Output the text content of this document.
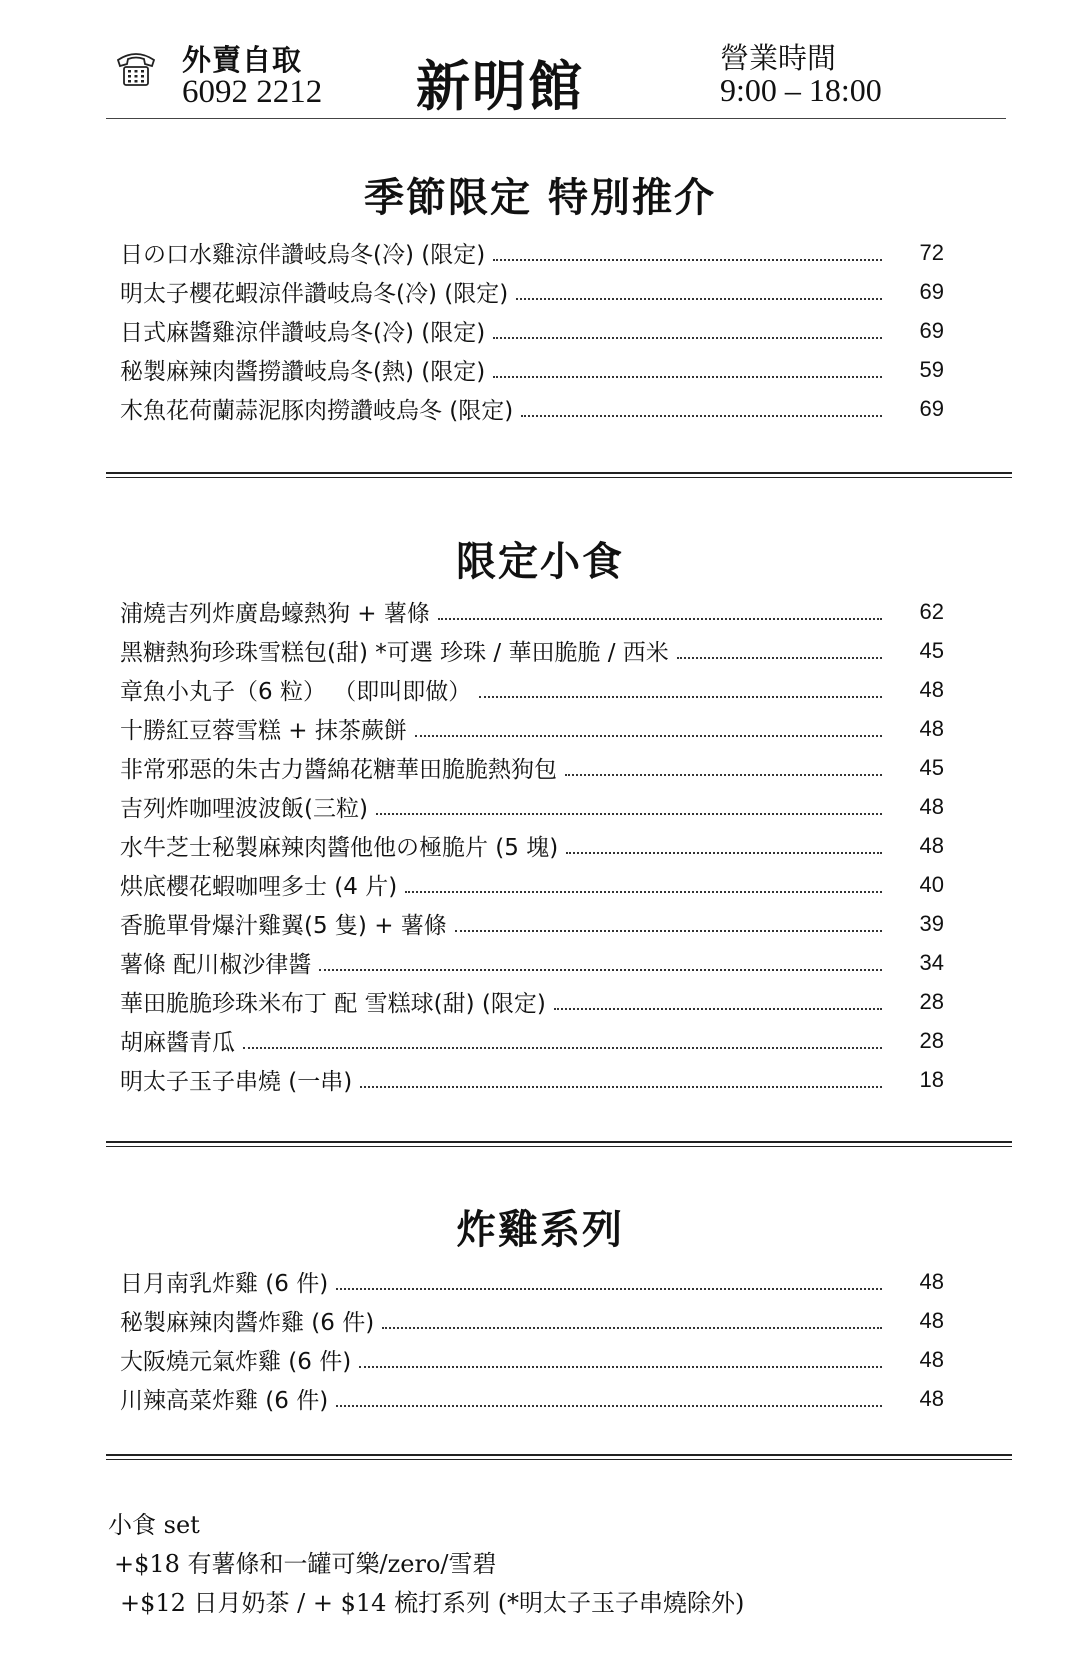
外賣自取
6092 2212 新明館	營業時間
9:00 – 18:00
季節限定 特別推介
日の口水雞涼伴讚岐烏冬(冷) (限定)	72
明太子櫻花蝦涼伴讚岐烏冬(冷) (限定)	69
日式麻醬雞涼伴讚岐烏冬(冷) (限定)	69
秘製麻辣肉醬撈讚岐烏冬(熱) (限定)	59
木魚花荷蘭蒜泥豚肉撈讚岐烏冬 (限定)	69
限定小食
浦燒吉列炸廣島蠔熱狗 + 薯條	62
黑糖熱狗珍珠雪糕包(甜) *可選 珍珠 / 華田脆脆 / 西米	45
章魚小丸子（6 粒） （即叫即做）	48
十勝紅豆蓉雪糕 + 抹茶蕨餅	48
非常邪惡的朱古力醬綿花糖華田脆脆熱狗包	45
吉列炸咖哩波波飯(三粒)	48
水牛芝士秘製麻辣肉醬他他の極脆片 (5 塊)	48
烘底櫻花蝦咖哩多士 (4 片)	40
香脆單骨爆汁雞翼(5 隻) + 薯條	39
薯條 配川椒沙律醬	34
華田脆脆珍珠米布丁 配 雪糕球(甜) (限定)	28
胡麻醬青瓜	28
明太子玉子串燒 (一串)	18
炸雞系列
日月南乳炸雞 (6 件)	48
秘製麻辣肉醬炸雞 (6 件)	48
大阪燒元氣炸雞 (6 件)	48
川辣高菜炸雞 (6 件)	48
小食 set
+$18 有薯條和一罐可樂/zero/雪碧
+$12 日月奶茶 / + $14 梳打系列 (*明太子玉子串燒除外)
